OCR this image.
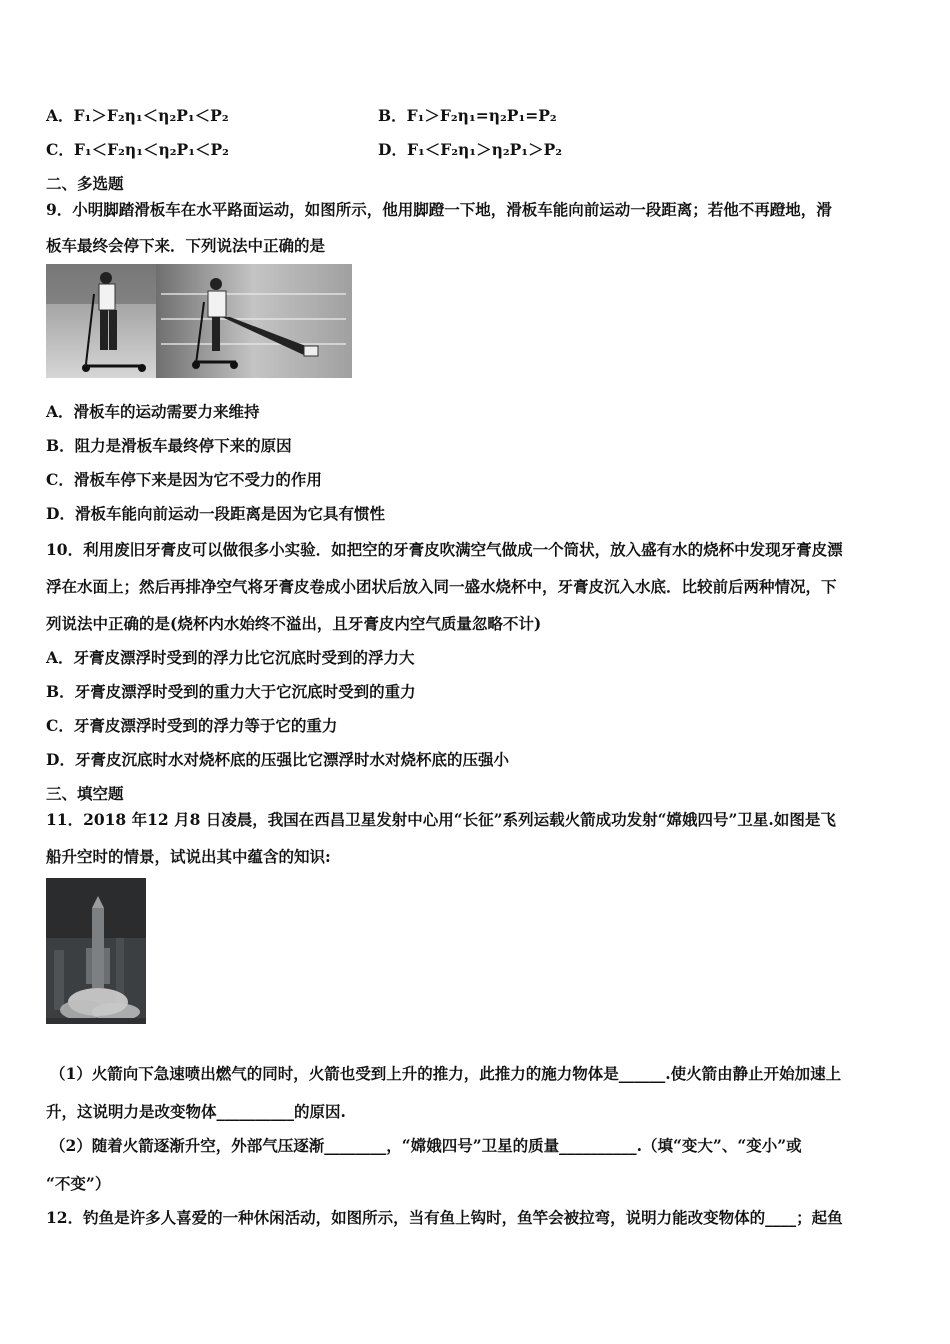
A．F₁＞F₂η₁＜η₂P₁＜P₂	B．F₁＞F₂η₁=η₂P₁=P₂
C．F₁＜F₂η₁＜η₂P₁＜P₂	D．F₁＜F₂η₁＞η₂P₁＞P₂
二、多选题
9．小明脚踏滑板车在水平路面运动，如图所示，他用脚蹬一下地，滑板车能向前运动一段距离；若他不再蹬地，滑
板车最终会停下来．下列说法中正确的是
A．滑板车的运动需要力来维持
B．阻力是滑板车最终停下来的原因
C．滑板车停下来是因为它不受力的作用
D．滑板车能向前运动一段距离是因为它具有惯性
10．利用废旧牙膏皮可以做很多小实验．如把空的牙膏皮吹满空气做成一个筒状，放入盛有水的烧杯中发现牙膏皮漂
浮在水面上；然后再排净空气将牙膏皮卷成小团状后放入同一盛水烧杯中，牙膏皮沉入水底．比较前后两种情况，下
列说法中正确的是(烧杯内水始终不溢出，且牙膏皮内空气质量忽略不计)
A．牙膏皮漂浮时受到的浮力比它沉底时受到的浮力大
B．牙膏皮漂浮时受到的重力大于它沉底时受到的重力
C．牙膏皮漂浮时受到的浮力等于它的重力
D．牙膏皮沉底时水对烧杯底的压强比它漂浮时水对烧杯底的压强小
三、填空题
11．2018 年12 月8 日凌晨，我国在西昌卫星发射中心用“长征”系列运载火箭成功发射“嫦娥四号”卫星.如图是飞
船升空时的情景，试说出其中蕴含的知识:
（1）火箭向下急速喷出燃气的同时，火箭也受到上升的推力，此推力的施力物体是______.使火箭由静止开始加速上
升，这说明力是改变物体__________的原因.
（2）随着火箭逐渐升空，外部气压逐渐________，“嫦娥四号”卫星的质量__________.（填“变大”、“变小”或
“不变”）
12．钓鱼是许多人喜爱的一种休闲活动，如图所示，当有鱼上钩时，鱼竿会被拉弯，说明力能改变物体的____；起鱼
